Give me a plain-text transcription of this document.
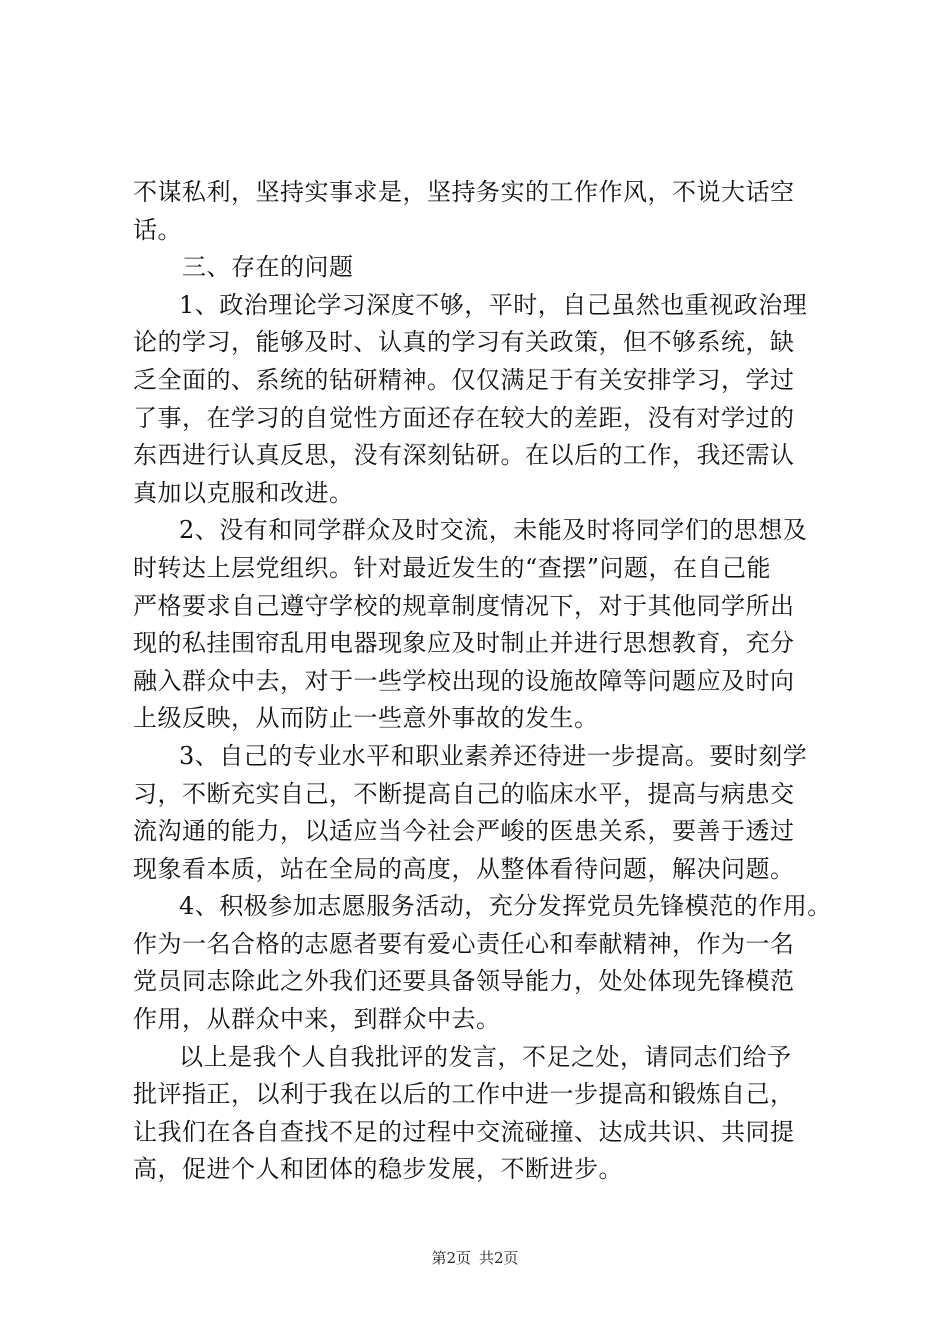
不谋私利，坚持实事求是，坚持务实的工作作风，不说大话空
话。
三、存在的问题
1、政治理论学习深度不够，平时，自己虽然也重视政治理
论的学习，能够及时、认真的学习有关政策，但不够系统，缺
乏全面的、系统的钻研精神。仅仅满足于有关安排学习，学过
了事，在学习的自觉性方面还存在较大的差距，没有对学过的
东西进行认真反思，没有深刻钻研。在以后的工作，我还需认
真加以克服和改进。
2、没有和同学群众及时交流，未能及时将同学们的思想及
时转达上层党组织。针对最近发生的“查摆”问题，在自己能
严格要求自己遵守学校的规章制度情况下，对于其他同学所出
现的私挂围帘乱用电器现象应及时制止并进行思想教育，充分
融入群众中去，对于一些学校出现的设施故障等问题应及时向
上级反映，从而防止一些意外事故的发生。
3、自己的专业水平和职业素养还待进一步提高。要时刻学
习，不断充实自己，不断提高自己的临床水平，提高与病患交
流沟通的能力，以适应当今社会严峻的医患关系，要善于透过
现象看本质，站在全局的高度，从整体看待问题，解决问题。
4、积极参加志愿服务活动，充分发挥党员先锋模范的作用。
作为一名合格的志愿者要有爱心责任心和奉献精神，作为一名
党员同志除此之外我们还要具备领导能力，处处体现先锋模范
作用，从群众中来，到群众中去。
以上是我个人自我批评的发言，不足之处，请同志们给予
批评指正，以利于我在以后的工作中进一步提高和锻炼自己，
让我们在各自查找不足的过程中交流碰撞、达成共识、共同提
高，促进个人和团体的稳步发展，不断进步。
第2页 共2页
